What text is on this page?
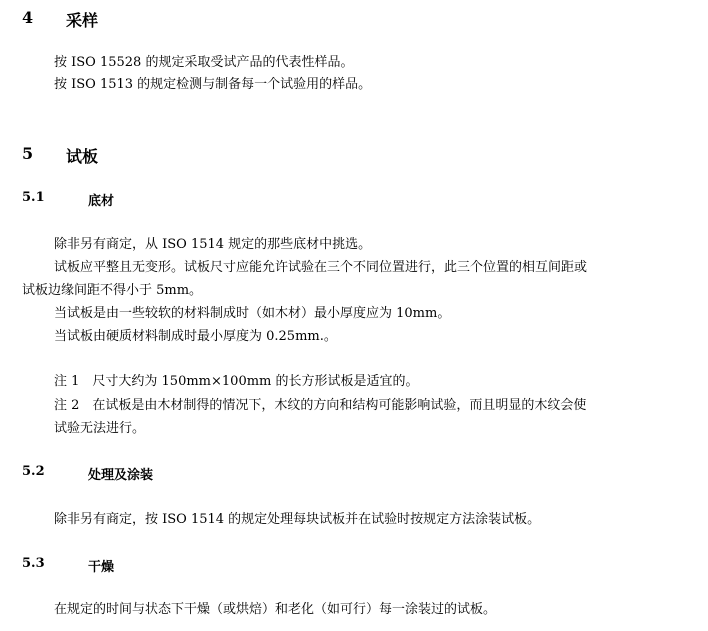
4 采样
按 ISO 15528 的规定采取受试产品的代表性样品。
按 ISO 1513 的规定检测与制备每一个试验用的样品。
5 试板
5.1	底材
除非另有商定，从 ISO 1514 规定的那些底材中挑选。
试板应平整且无变形。试板尺寸应能允许试验在三个不同位置进行，此三个位置的相互间距或
试板边缘间距不得小于 5mm。
当试板是由一些较软的材料制成时（如木材）最小厚度应为 10mm。
当试板由硬质材料制成时最小厚度为 0.25mm.。
注 1　尺寸大约为 150mm×100mm 的长方形试板是适宜的。
注 2　在试板是由木材制得的情况下，木纹的方向和结构可能影响试验，而且明显的木纹会使
试验无法进行。
5.2	处理及涂装
除非另有商定，按 ISO 1514 的规定处理每块试板并在试验时按规定方法涂装试板。
5.3	干燥
在规定的时间与状态下干燥（或烘焙）和老化（如可行）每一涂装过的试板。
